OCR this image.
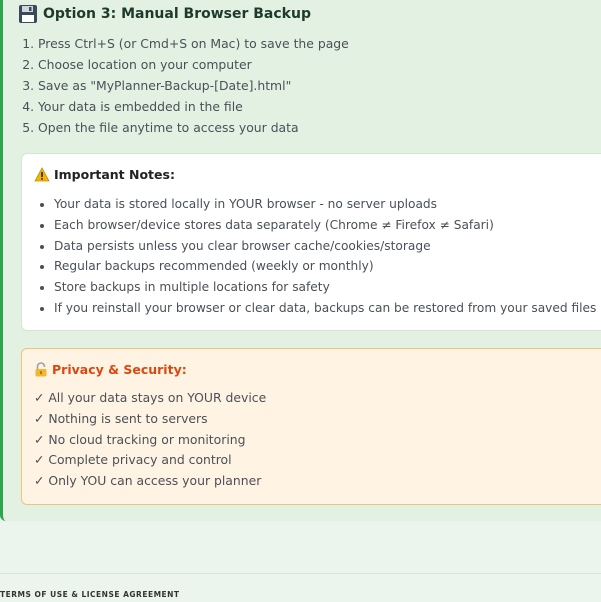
Option 3: Manual Browser Backup
1. Press Ctrl+S (or Cmd+S on Mac) to save the page
2. Choose location on your computer
3. Save as "MyPlanner-Backup-[Date].html"
4. Your data is embedded in the file
5. Open the file anytime to access your data
Important Notes:
• Your data is stored locally in YOUR browser - no server uploads
• Each browser/device stores data separately (Chrome ≠ Firefox ≠ Safari)
• Data persists unless you clear browser cache/cookies/storage
• Regular backups recommended (weekly or monthly)
• Store backups in multiple locations for safety
• If you reinstall your browser or clear data, backups can be restored from your saved files
Privacy & Security:
✓ All your data stays on YOUR device
✓ Nothing is sent to servers
✓ No cloud tracking or monitoring
✓ Complete privacy and control
✓ Only YOU can access your planner
TERMS OF USE & LICENSE AGREEMENT
